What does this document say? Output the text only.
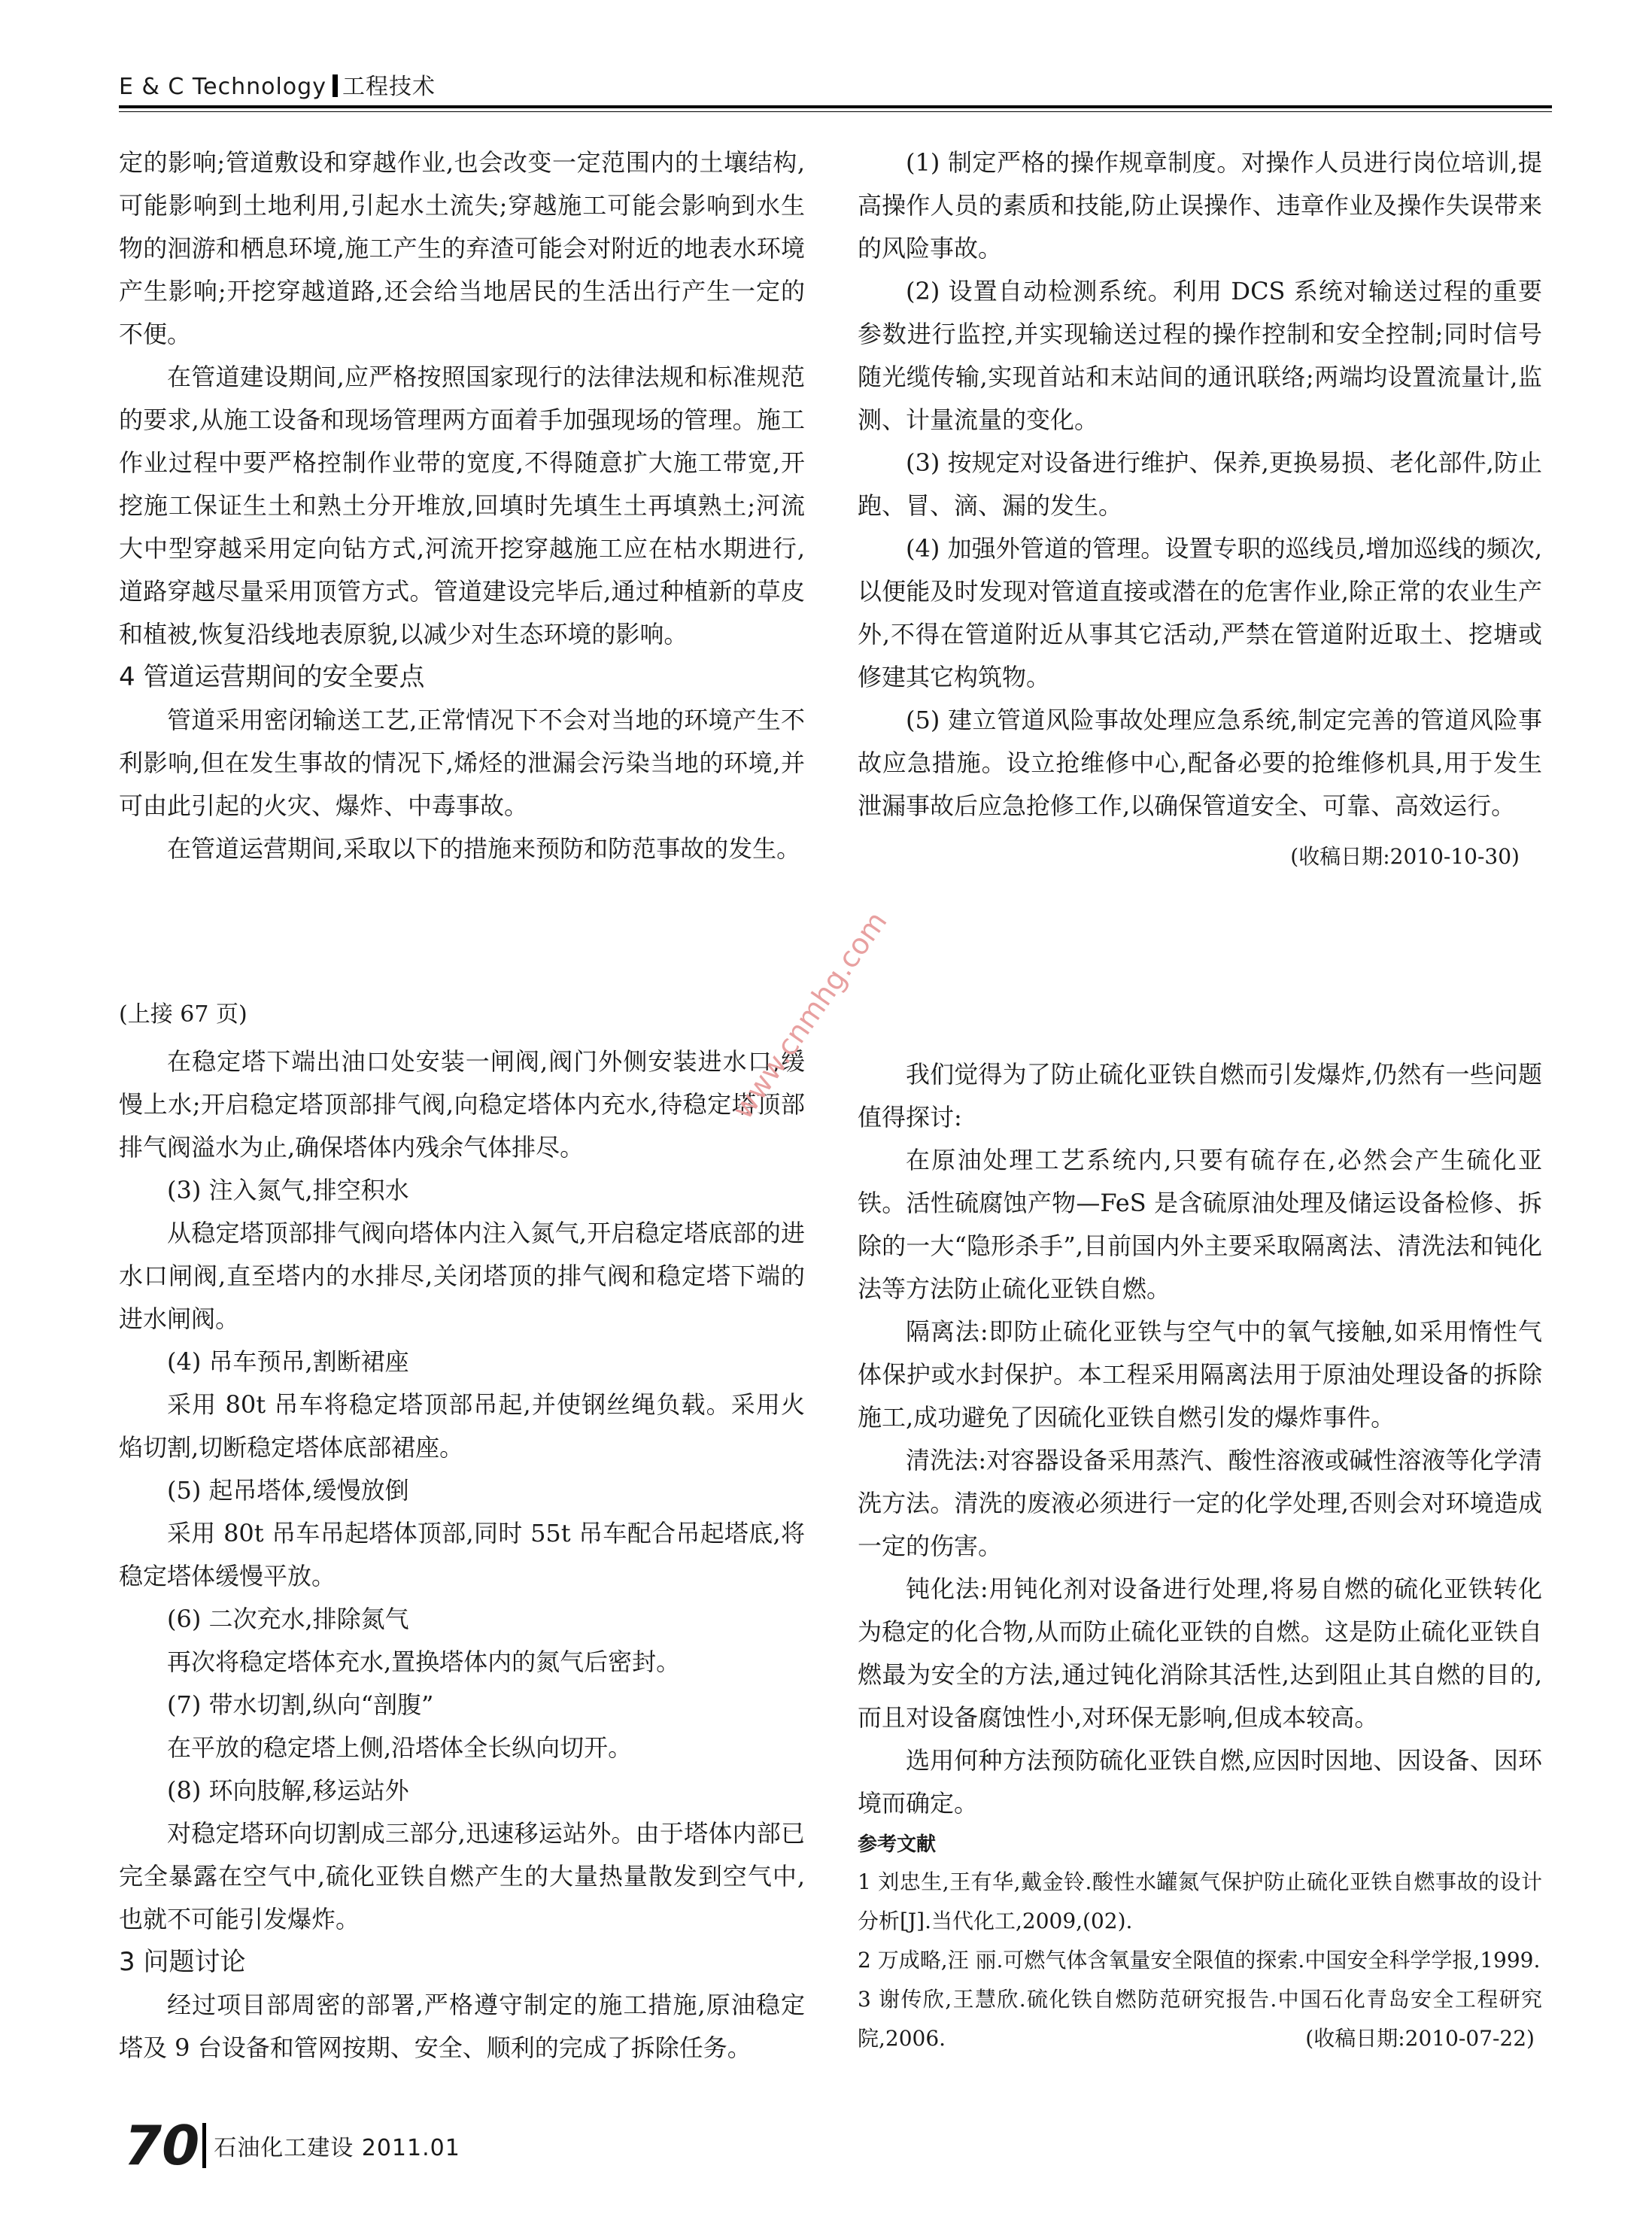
E & C Technology 工程技术

定的影响;管道敷设和穿越作业,也会改变一定范围内的土壤结构,可能影响到土地利用,引起水土流失;穿越施工可能会影响到水生物的洄游和栖息环境,施工产生的弃渣可能会对附近的地表水环境产生影响;开挖穿越道路,还会给当地居民的生活出行产生一定的不便。

在管道建设期间,应严格按照国家现行的法律法规和标准规范的要求,从施工设备和现场管理两方面着手加强现场的管理。施工作业过程中要严格控制作业带的宽度,不得随意扩大施工带宽,开挖施工保证生土和熟土分开堆放,回填时先填生土再填熟土;河流大中型穿越采用定向钻方式,河流开挖穿越施工应在枯水期进行,道路穿越尽量采用顶管方式。管道建设完毕后,通过种植新的草皮和植被,恢复沿线地表原貌,以减少对生态环境的影响。

4 管道运营期间的安全要点

管道采用密闭输送工艺,正常情况下不会对当地的环境产生不利影响,但在发生事故的情况下,烯烃的泄漏会污染当地的环境,并可由此引起的火灾、爆炸、中毒事故。

在管道运营期间,采取以下的措施来预防和防范事故的发生。

(1) 制定严格的操作规章制度。对操作人员进行岗位培训,提高操作人员的素质和技能,防止误操作、违章作业及操作失误带来的风险事故。

(2) 设置自动检测系统。利用 DCS 系统对输送过程的重要参数进行监控,并实现输送过程的操作控制和安全控制;同时信号随光缆传输,实现首站和末站间的通讯联络;两端均设置流量计,监测、计量流量的变化。

(3) 按规定对设备进行维护、保养,更换易损、老化部件,防止跑、冒、滴、漏的发生。

(4) 加强外管道的管理。设置专职的巡线员,增加巡线的频次,以便能及时发现对管道直接或潜在的危害作业,除正常的农业生产外,不得在管道附近从事其它活动,严禁在管道附近取土、挖塘或修建其它构筑物。

(5) 建立管道风险事故处理应急系统,制定完善的管道风险事故应急措施。设立抢维修中心,配备必要的抢维修机具,用于发生泄漏事故后应急抢修工作,以确保管道安全、可靠、高效运行。

(收稿日期:2010-10-30)

(上接 67 页)

在稳定塔下端出油口处安装一闸阀,阀门外侧安装进水口,缓慢上水;开启稳定塔顶部排气阀,向稳定塔体内充水,待稳定塔顶部排气阀溢水为止,确保塔体内残余气体排尽。

(3) 注入氮气,排空积水

从稳定塔顶部排气阀向塔体内注入氮气,开启稳定塔底部的进水口闸阀,直至塔内的水排尽,关闭塔顶的排气阀和稳定塔下端的进水闸阀。

(4) 吊车预吊,割断裙座

采用 80t 吊车将稳定塔顶部吊起,并使钢丝绳负载。采用火焰切割,切断稳定塔体底部裙座。

(5) 起吊塔体,缓慢放倒

采用 80t 吊车吊起塔体顶部,同时 55t 吊车配合吊起塔底,将稳定塔体缓慢平放。

(6) 二次充水,排除氮气

再次将稳定塔体充水,置换塔体内的氮气后密封。

(7) 带水切割,纵向“剖腹”

在平放的稳定塔上侧,沿塔体全长纵向切开。

(8) 环向肢解,移运站外

对稳定塔环向切割成三部分,迅速移运站外。由于塔体内部已完全暴露在空气中,硫化亚铁自燃产生的大量热量散发到空气中,也就不可能引发爆炸。

3 问题讨论

经过项目部周密的部署,严格遵守制定的施工措施,原油稳定塔及 9 台设备和管网按期、安全、顺利的完成了拆除任务。

我们觉得为了防止硫化亚铁自燃而引发爆炸,仍然有一些问题值得探讨:

在原油处理工艺系统内,只要有硫存在,必然会产生硫化亚铁。活性硫腐蚀产物—FeS 是含硫原油处理及储运设备检修、拆除的一大“隐形杀手”,目前国内外主要采取隔离法、清洗法和钝化法等方法防止硫化亚铁自燃。

隔离法:即防止硫化亚铁与空气中的氧气接触,如采用惰性气体保护或水封保护。本工程采用隔离法用于原油处理设备的拆除施工,成功避免了因硫化亚铁自燃引发的爆炸事件。

清洗法:对容器设备采用蒸汽、酸性溶液或碱性溶液等化学清洗方法。清洗的废液必须进行一定的化学处理,否则会对环境造成一定的伤害。

钝化法:用钝化剂对设备进行处理,将易自燃的硫化亚铁转化为稳定的化合物,从而防止硫化亚铁的自燃。这是防止硫化亚铁自燃最为安全的方法,通过钝化消除其活性,达到阻止其自燃的目的,而且对设备腐蚀性小,对环保无影响,但成本较高。

选用何种方法预防硫化亚铁自燃,应因时因地、因设备、因环境而确定。

参考文献

1 刘忠生,王有华,戴金铃.酸性水罐氮气保护防止硫化亚铁自燃事故的设计分析[J].当代化工,2009,(02).

2 万成略,汪 丽.可燃气体含氧量安全限值的探索.中国安全科学学报,1999.

3 谢传欣,王慧欣.硫化铁自燃防范研究报告.中国石化青岛安全工程研究院,2006.	(收稿日期:2010-07-22)

www.cnmhg.com
70 石油化工建设 2011.01
